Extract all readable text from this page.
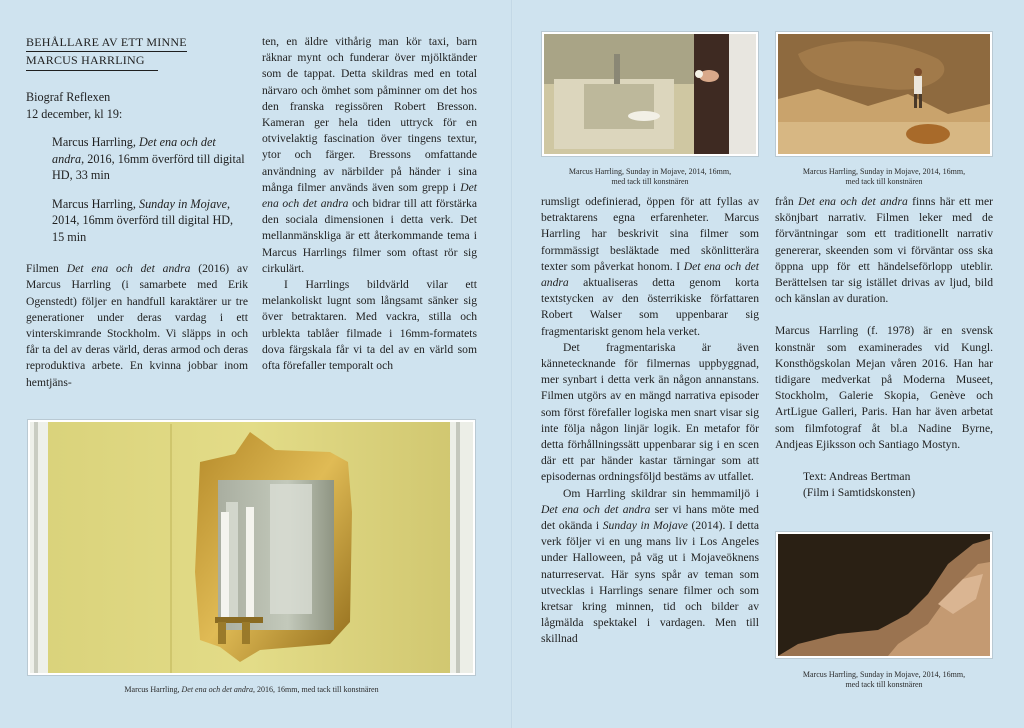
BEHÅLLARE AV ETT MINNE
MARCUS HARRLING
Biograf Reflexen
12 december, kl 19:
Marcus Harrling, Det ena och det andra, 2016, 16mm överförd till digital HD, 33 min
Marcus Harrling, Sunday in Mojave, 2014, 16mm överförd till digital HD, 15 min

Filmen Det ena och det andra (2016) av Marcus Harrling (i samarbete med Erik Ogenstedt) följer en handfull karaktärer ur tre generationer under deras vardag i ett vinterskimrande Stockholm. Vi släpps in och får ta del av deras värld, deras armod och deras reproduktiva arbete. En kvinna jobbar inom hemtjäns-

ten, en äldre vithårig man kör taxi, barn räknar mynt och funderar över mjölktänder som de tappat. Detta skildras med en total närvaro och ömhet som påminner om det hos den franska regissören Robert Bresson. Kameran ger hela tiden uttryck för en otvivelaktig fascination över tingens textur, ytor och färger. Bressons omfattande användning av närbilder på händer i sina många filmer används även som grepp i Det ena och det andra och bidrar till att förstärka den sociala dimensionen i detta verk. Det mellanmänskliga är ett återkommande tema i Marcus Harrlings filmer som oftast rör sig cirkulärt.

I Harrlings bildvärld vilar ett melankoliskt lugnt som långsamt sänker sig över betraktaren. Med vackra, stilla och urblekta tablåer filmade i 16mm-formatets dova färgskala får vi ta del av en värld som ofta förefaller temporalt och

Marcus Harrling, Det ena och det andra, 2016, 16mm, med tack till konstnären
Marcus Harrling, Sunday in Mojave, 2014, 16mm,
med tack till konstnären
Marcus Harrling, Sunday in Mojave, 2014, 16mm,
med tack till konstnären

rumsligt odefinierad, öppen för att fyllas av betraktarens egna erfarenheter. Marcus Harrling har beskrivit sina filmer som formmässigt besläktade med skönlitterära texter som påverkat honom. I Det ena och det andra aktualiseras detta genom korta textstycken av den österrikiske författaren Robert Walser som uppenbarar sig fragmentariskt genom hela verket.

Det fragmentariska är även kännetecknande för filmernas uppbyggnad, mer synbart i detta verk än någon annanstans. Filmen utgörs av en mängd narrativa episoder som först förefaller logiska men snart visar sig inte följa någon linjär logik. En metafor för detta förhållningssätt uppenbarar sig i en scen där ett par händer kastar tärningar som att episodernas ordningsföljd bestäms av utfallet.

Om Harrling skildrar sin hemmamiljö i Det ena och det andra ser vi hans möte med det okända i Sunday in Mojave (2014). I detta verk följer vi en ung mans liv i Los Angeles under Halloween, på väg ut i Mojaveöknens naturreservat. Här syns spår av teman som utvecklas i Harrlings senare filmer och som kretsar kring minnen, tid och bilder av lågmälda spektakel i vardagen. Men till skillnad

från Det ena och det andra finns här ett mer skönjbart narrativ. Filmen leker med de förväntningar som ett traditionellt narrativ genererar, skeenden som vi förväntar oss ska öppna upp för ett händelseförlopp uteblir. Berättelsen tar sig istället drivas av ljud, bild och känslan av duration.

Marcus Harrling (f. 1978) är en svensk konstnär som examinerades vid Kungl. Konsthögskolan Mejan våren 2016. Han har tidigare medverkat på Moderna Museet, Stockholm, Galerie Skopia, Genève och ArtLigue Galleri, Paris. Han har även arbetat som filmfotograf åt bl.a Nadine Byrne, Andjeas Ejiksson och Santiago Mostyn.

Text: Andreas Bertman
(Film i Samtidskonsten)
Marcus Harrling, Sunday in Mojave, 2014, 16mm,
med tack till konstnären
